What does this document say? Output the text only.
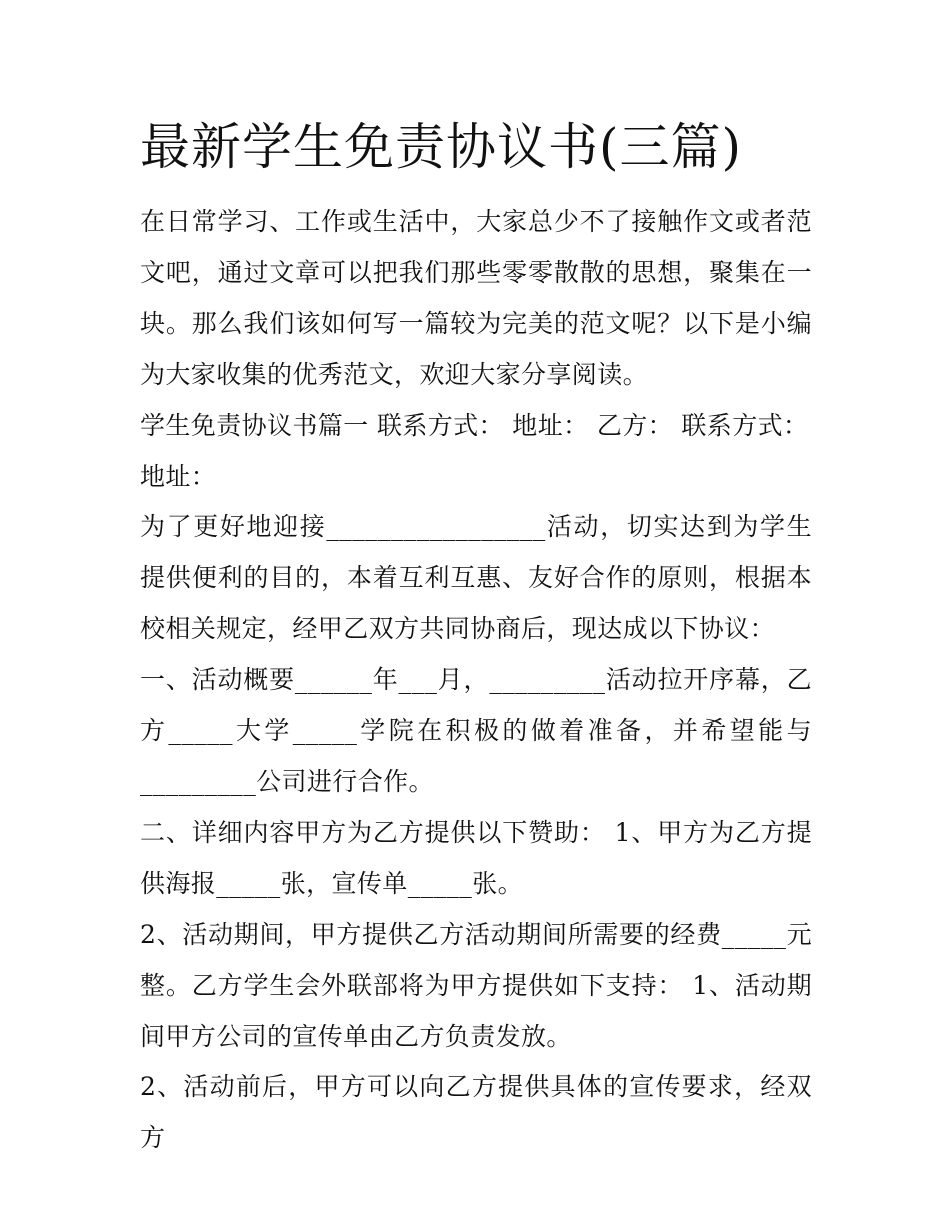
最新学生免责协议书(三篇)

在日常学习、工作或生活中，大家总少不了接触作文或者范文吧，通过文章可以把我们那些零零散散的思想，聚集在一块。那么我们该如何写一篇较为完美的范文呢？以下是小编为大家收集的优秀范文，欢迎大家分享阅读。

学生免责协议书篇一 联系方式： 地址： 乙方： 联系方式：

地址：

为了更好地迎接_________________活动，切实达到为学生提供便利的目的，本着互利互惠、友好合作的原则，根据本校相关规定，经甲乙双方共同协商后，现达成以下协议：

一、活动概要______年___月，_________活动拉开序幕，乙方_____大学_____学院在积极的做着准备，并希望能与_________公司进行合作。

二、详细内容甲方为乙方提供以下赞助： 1、甲方为乙方提供海报_____张，宣传单_____张。

2、活动期间，甲方提供乙方活动期间所需要的经费_____元整。乙方学生会外联部将为甲方提供如下支持： 1、活动期间甲方公司的宣传单由乙方负责发放。

2、活动前后，甲方可以向乙方提供具体的宣传要求，经双方
